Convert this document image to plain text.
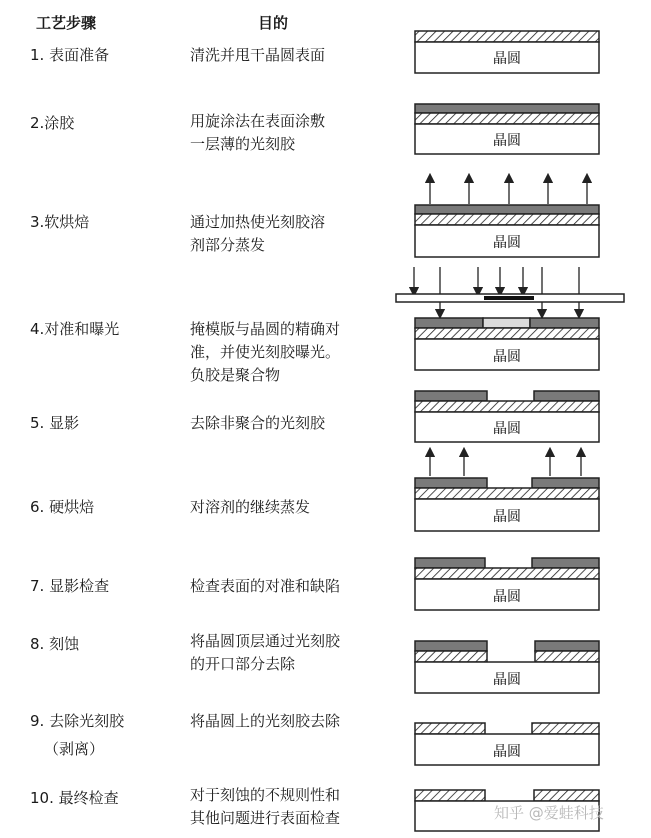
工艺步骤	目的
1. 表面准备
2.涂胶
3.软烘焙
4.对准和曝光
5. 显影
6. 硬烘焙
7. 显影检查
8. 刻蚀
9. 去除光刻胶
（剥离）
10. 最终检查
清洗并甩干晶圆表面
用旋涂法在表面涂敷
一层薄的光刻胶
通过加热使光刻胶溶
剂部分蒸发
掩模版与晶圆的精确对
准，并使光刻胶曝光。
负胶是聚合物
去除非聚合的光刻胶
对溶剂的继续蒸发
检查表面的对准和缺陷
将晶圆顶层通过光刻胶
的开口部分去除
将晶圆上的光刻胶去除
对于刻蚀的不规则性和
其他问题进行表面检查
晶圆
晶圆
晶圆
晶圆
晶圆
晶圆
晶圆
晶圆
晶圆
知乎 @爱蛙科技
